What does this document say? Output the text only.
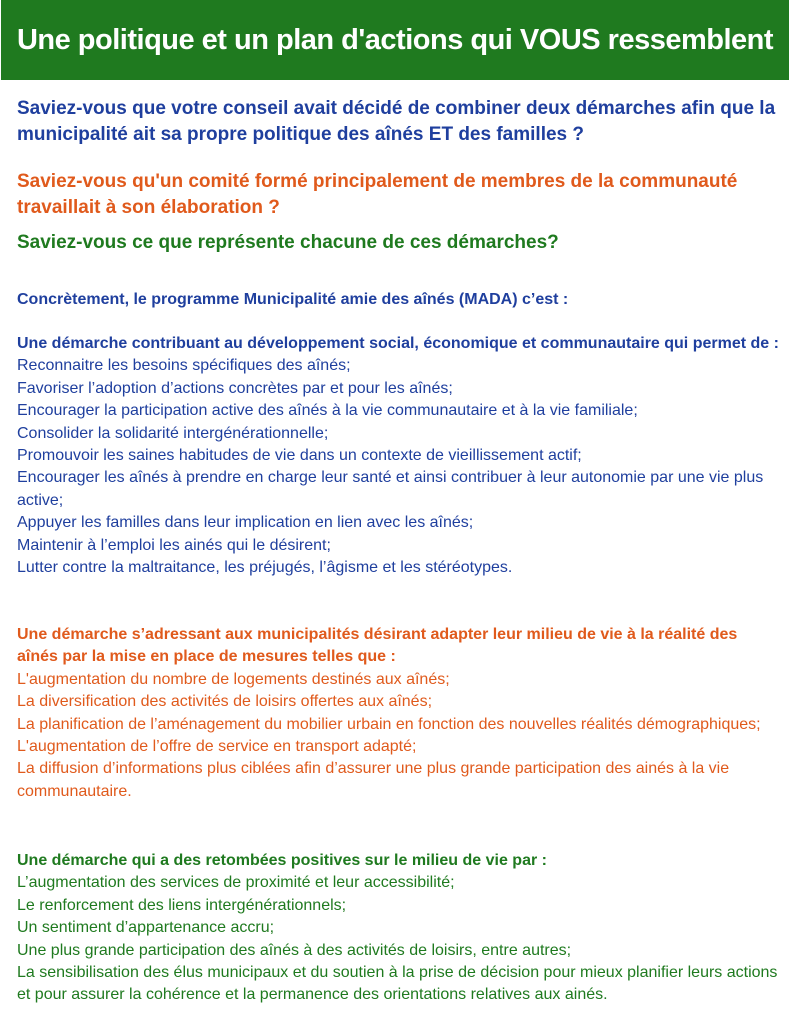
Une politique et un plan d'actions qui VOUS ressemblent
Saviez-vous que votre conseil avait décidé de combiner deux démarches afin que la municipalité ait sa propre politique des aînés ET des familles ?
Saviez-vous qu'un comité formé principalement de membres de la communauté travaillait à son élaboration ?
Saviez-vous ce que représente chacune de ces démarches?
Concrètement, le programme Municipalité amie des aînés (MADA) c’est :

Une démarche contribuant au développement social, économique et communautaire qui permet de :

Reconnaitre les besoins spécifiques des aînés;

Favoriser l’adoption d’actions concrètes par et pour les aînés;

Encourager la participation active des aînés à la vie communautaire et à la vie familiale;

Consolider la solidarité intergénérationnelle;

Promouvoir les saines habitudes de vie dans un contexte de vieillissement actif;

Encourager les aînés à prendre en charge leur santé et ainsi contribuer à leur autonomie par une vie plus active;

Appuyer les familles dans leur implication en lien avec les aînés;

Maintenir à l’emploi les ainés qui le désirent;

Lutter contre la maltraitance, les préjugés, l’âgisme et les stéréotypes.

Une démarche s’adressant aux municipalités désirant adapter leur milieu de vie à la réalité des aînés par la mise en place de mesures telles que :

L'augmentation du nombre de logements destinés aux aînés;

La diversification des activités de loisirs offertes aux aînés;

La planification de l’aménagement du mobilier urbain en fonction des nouvelles réalités démographiques;

L'augmentation de l’offre de service en transport adapté;

La diffusion d’informations plus ciblées afin d’assurer une plus grande participation des ainés à la vie communautaire.

Une démarche qui a des retombées positives sur le milieu de vie par :

L’augmentation des services de proximité et leur accessibilité;

Le renforcement des liens intergénérationnels;

Un sentiment d’appartenance accru;

Une plus grande participation des aînés à des activités de loisirs, entre autres;

La sensibilisation des élus municipaux et du soutien à la prise de décision pour mieux planifier leurs actions et pour assurer la cohérence et la permanence des orientations relatives aux ainés.
